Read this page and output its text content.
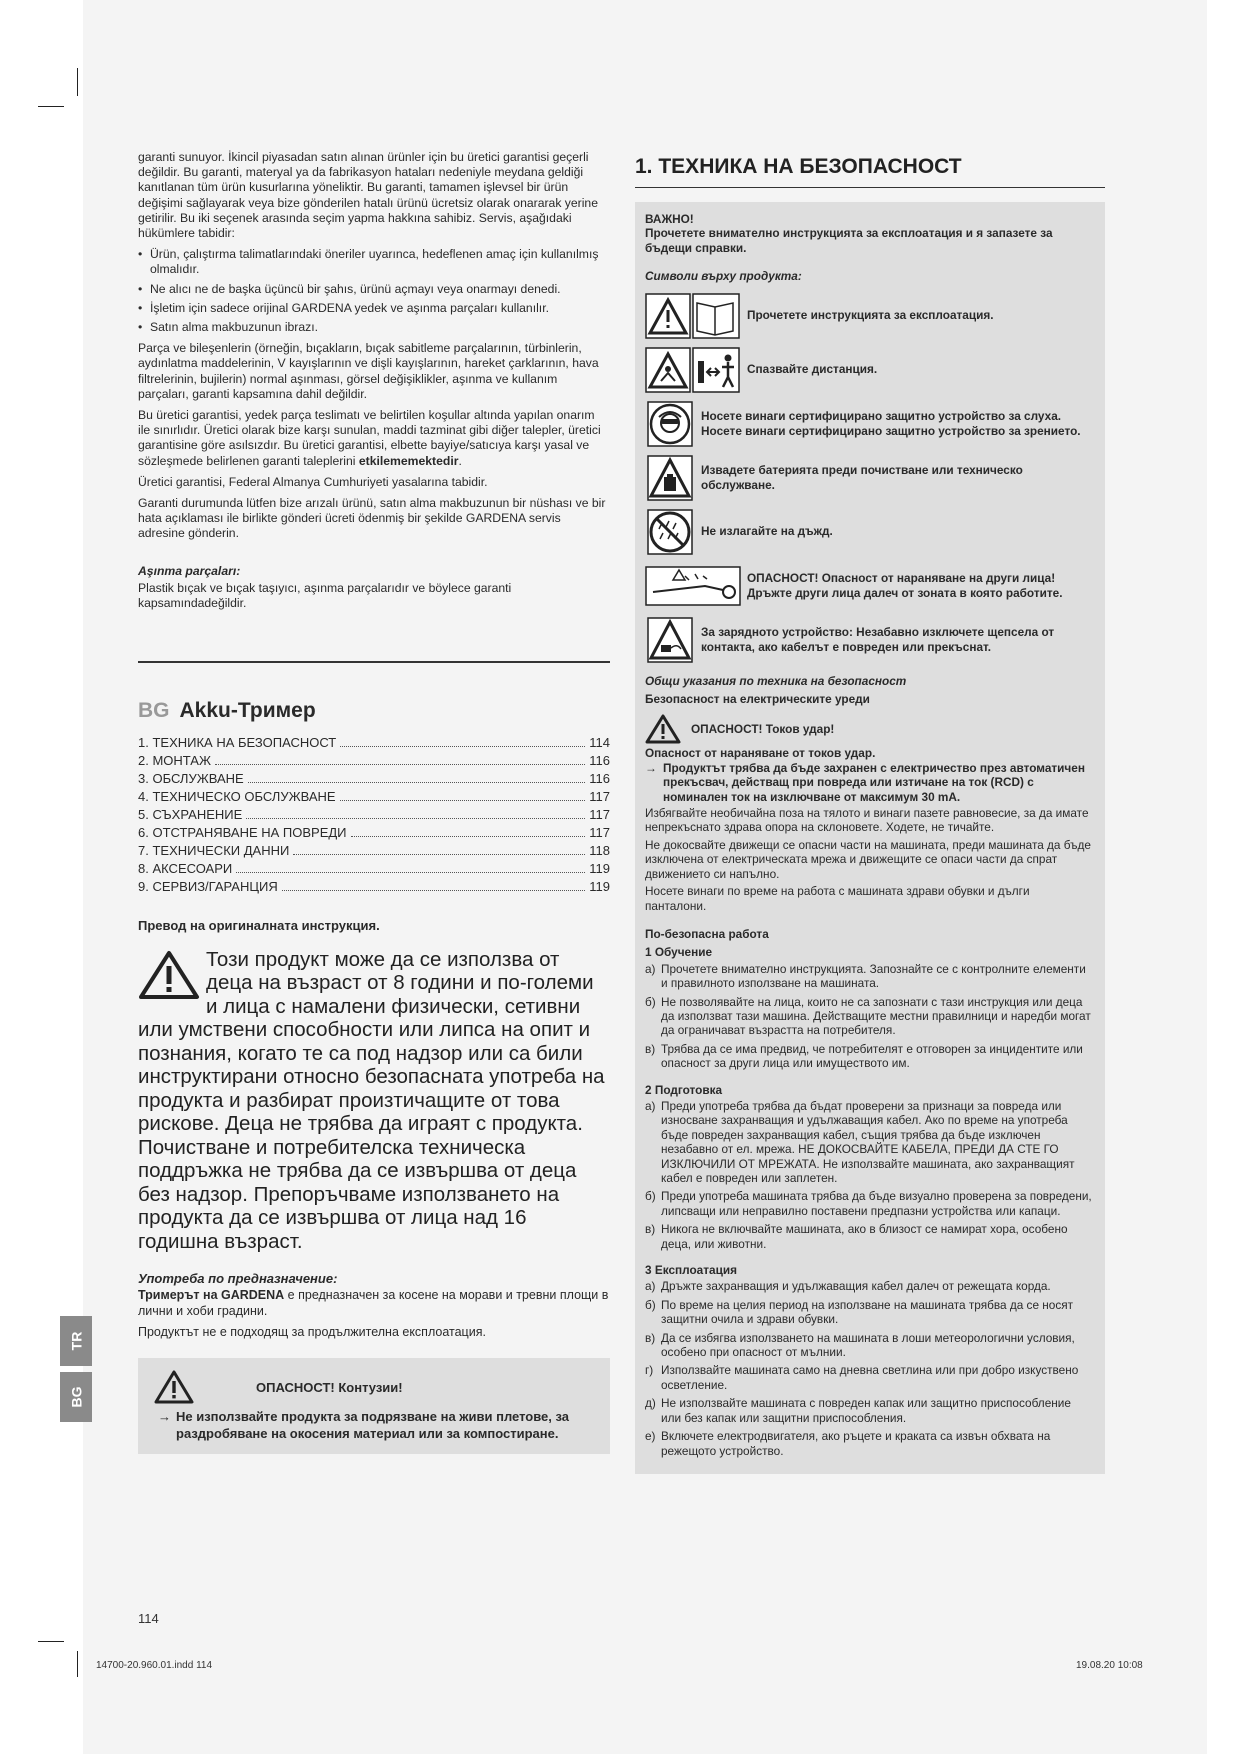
garanti sunuyor. İkincil piyasadan satın alınan ürünler için bu üretici garantisi geçerli değildir. Bu garanti, materyal ya da fabrikasyon hataları nedeniyle meydana geldiği kanıtlanan tüm ürün kusurlarına yöneliktir. Bu garanti, tamamen işlevsel bir ürün değişimi sağlayarak veya bize gönderilen hatalı ürünü ücretsiz olarak onararak yerine getirilir. Bu iki seçenek arasında seçim yapma hakkına sahibiz. Servis, aşağıdaki hükümlere tabidir:

• Ürün, çalıştırma talimatlarındaki öneriler uyarınca, hedeflenen amaç için kullanılmış olmalıdır.
• Ne alıcı ne de başka üçüncü bir şahıs, ürünü açmayı veya onarmayı denedi.
• İşletim için sadece orijinal GARDENA yedek ve aşınma parçaları kullanılır.
• Satın alma makbuzunun ibrazı.

Parça ve bileşenlerin (örneğin, bıçakların, bıçak sabitleme parçalarının, türbinlerin, aydınlatma maddelerinin, V kayışlarının ve dişli kayışlarının, hareket çarklarının, hava filtrelerinin, bujilerin) normal aşınması, görsel değişiklikler, aşınma ve kullanım parçaları, garanti kapsamına dahil değildir.

Bu üretici garantisi, yedek parça teslimatı ve belirtilen koşullar altında yapılan onarım ile sınırlıdır. Üretici olarak bize karşı sunulan, maddi tazminat gibi diğer talepler, üretici garantisine göre asılsızdır. Bu üretici garantisi, elbette bayiye/satıcıya karşı yasal ve sözleşmede belirlenen garanti taleplerini etkilememektedir.

Üretici garantisi, Federal Almanya Cumhuriyeti yasalarına tabidir.

Garanti durumunda lütfen bize arızalı ürünü, satın alma makbuzunun bir nüshası ve bir hata açıklaması ile birlikte gönderi ücreti ödenmiş bir şekilde GARDENA servis adresine gönderin.

Aşınma parçaları:

Plastik bıçak ve bıçak taşıyıcı, aşınma parçalarıdır ve böylece garanti kapsamındadeğildir.

BG Akku-Тример
1. ТЕХНИКА НА БЕЗОПАСНОСТ	114
2. МОНТАЖ	116
3. ОБСЛУЖВАНЕ	116
4. ТЕХНИЧЕСКО ОБСЛУЖВАНЕ	117
5. СЪХРАНЕНИЕ	117
6. ОТСТРАНЯВАНЕ НА ПОВРЕДИ	117
7. ТЕХНИЧЕСКИ ДАННИ	118
8. АКСЕСОАРИ	119
9. СЕРВИЗ/ГАРАНЦИЯ	119
Превод на оригиналната инструкция.
Този продукт може да се използва от деца на възраст от 8 години и по-големи и лица с намалени физически, сетивни или умствени способности или липса на опит и познания, когато те са под надзор или са били инструктирани относно безопасната употреба на продукта и разбират произтичащите от това рискове. Деца не трябва да играят с продукта. Почистване и потребителска техническа поддръжка не трябва да се извършва от деца без надзор. Препоръчваме използването на продукта да се извършва от лица над 16 годишна възраст.
Употреба по предназначение:

Тримерът на GARDENA е предназначен за косене на морави и тревни площи в лични и хоби градини.

Продуктът не е подходящ за продължителна експлоатация.

ОПАСНОСТ! Контузии!
→ Не използвайте продукта за подрязване на живи плетове, за раздробяване на окосения материал или за компостиране.
1. ТЕХНИКА НА БЕЗОПАСНОСТ
ВАЖНО!
Прочетете внимателно инструкцията за експлоатация и я запазете за бъдещи справки.
Символи върху продукта:
Прочетете инструкцията за експлоатация.
Спазвайте дистанция.
Носете винаги сертифицирано защитно устройство за слуха. Носете винаги сертифицирано защитно устройство за зрението.
Извадете батерията преди почистване или техническо обслужване.
Не излагайте на дъжд.
ОПАСНОСТ! Опасност от нараняване на други лица! Дръжте други лица далеч от зоната в която работите.
За зарядното устройство: Незабавно изключете щепсела от контакта, ако кабелът е повреден или прекъснат.
Общи указания по техника на безопасност
Безопасност на електрическите уреди
ОПАСНОСТ! Токов удар!
Опасност от нараняване от токов удар.
→ Продуктът трябва да бъде захранен с електричество през автоматичен прекъсвач, действащ при повреда или изтичане на ток (RCD) с номинален ток на изключване от максимум 30 mA.

Избягвайте необичайна поза на тялото и винаги пазете равновесие, за да имате непрекъснато здрава опора на склоновете. Ходете, не тичайте.

Не докосвайте движещи се опасни части на машината, преди машината да бъде изключена от електрическата мрежа и движещите се опаси части да спрат движението си напълно.

Носете винаги по време на работа с машината здрави обувки и дълги панталони.

По-безопасна работа
1 Обучение
а) Прочетете внимателно инструкцията. Запознайте се с контролните елементи и правилното използване на машината.
б) Не позволявайте на лица, които не са запознати с тази инструкция или деца да използват тази машина. Действащите местни правилници и наредби могат да ограничават възрастта на потребителя.
в) Трябва да се има предвид, че потребителят е отговорен за инцидентите или опасност за други лица или имуществото им.
2 Подготовка
а) Преди употреба трябва да бъдат проверени за признаци за повреда или износване захранващия и удължаващия кабел. Ако по време на употреба бъде повреден захранващия кабел, същия трябва да бъде изключен незабавно от ел. мрежа. НЕ ДОКОСВАЙТЕ КАБЕЛА, ПРЕДИ ДА СТЕ ГО ИЗКЛЮЧИЛИ ОТ МРЕЖАТА. Не използвайте машината, ако захранващият кабел е повреден или заплетен.
б) Преди употреба машината трябва да бъде визуално проверена за повредени, липсващи или неправилно поставени предпазни устройства или капаци.
в) Никога не включвайте машината, ако в близост се намират хора, особено деца, или животни.
3 Експлоатация
а) Дръжте захранващия и удължаващия кабел далеч от режещата корда.
б) По време на целия период на използване на машината трябва да се носят защитни очила и здрави обувки.
в) Да се избягва използването на машината в лоши метеорологични условия, особено при опасност от мълнии.
г) Използвайте машината само на дневна светлина или при добро изкуствено осветление.
д) Не използвайте машината с повреден капак или защитно приспособление или без капак или защитни приспособления.
е) Включете електродвигателя, ако ръцете и краката са извън обхвата на режещото устройство.
TR
BG
114
14700-20.960.01.indd 114	19.08.20 10:08
